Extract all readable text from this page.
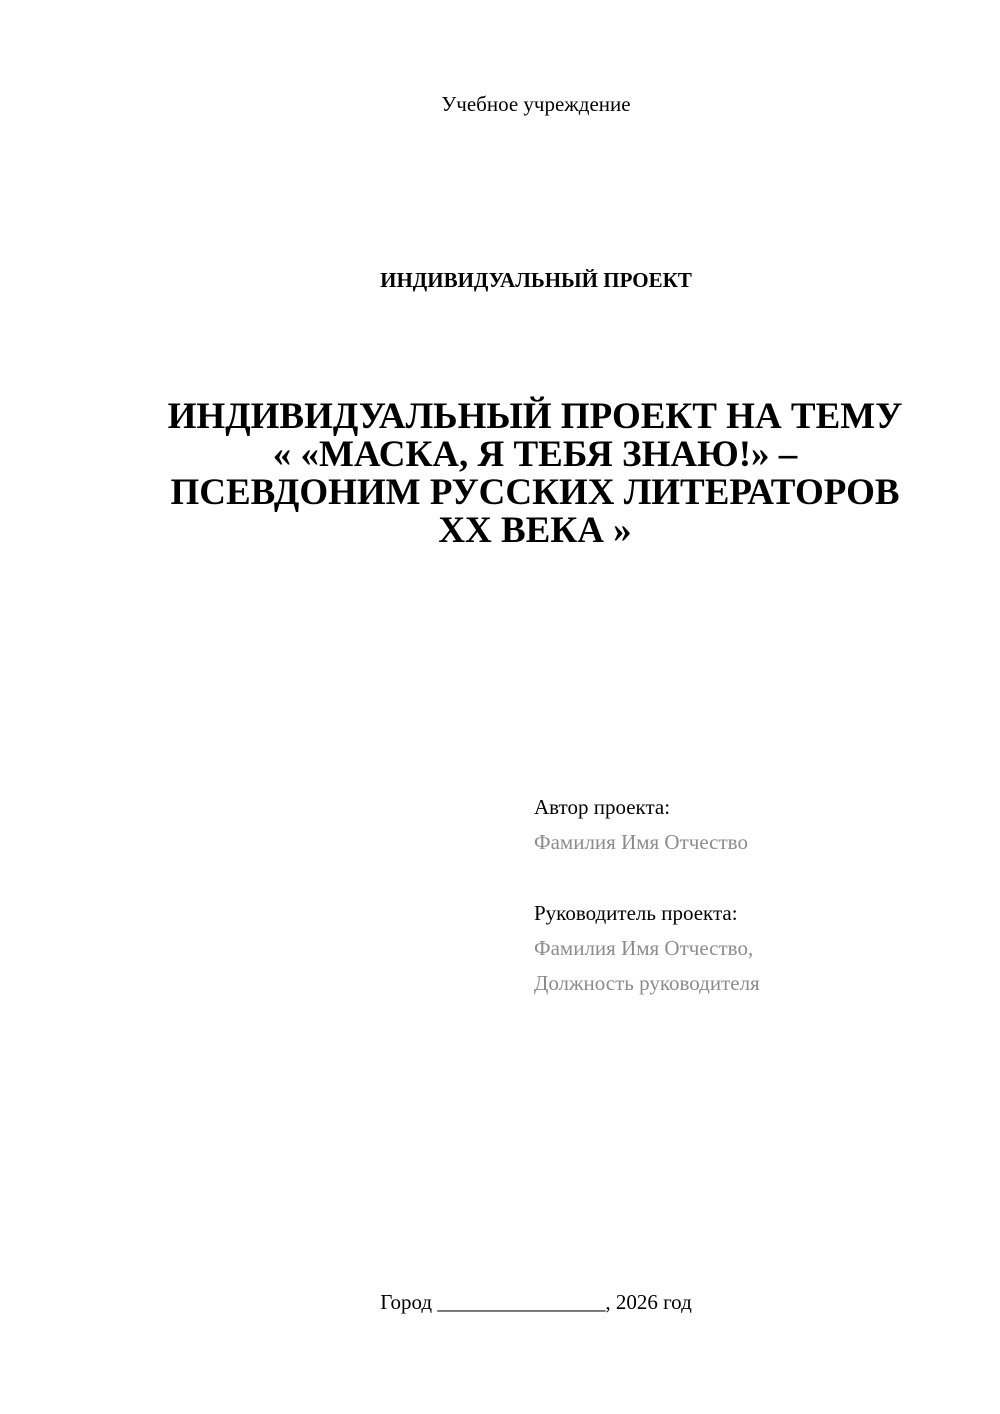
Учебное учреждение
ИНДИВИДУАЛЬНЫЙ ПРОЕКТ
ИНДИВИДУАЛЬНЫЙ ПРОЕКТ НА ТЕМУ
« «МАСКА, Я ТЕБЯ ЗНАЮ!» –
ПСЕВДОНИМ РУССКИХ ЛИТЕРАТОРОВ
XX ВЕКА »
Автор проекта:
Фамилия Имя Отчество
Руководитель проекта:
Фамилия Имя Отчество,
Должность руководителя
Город ________________, 2026 год
